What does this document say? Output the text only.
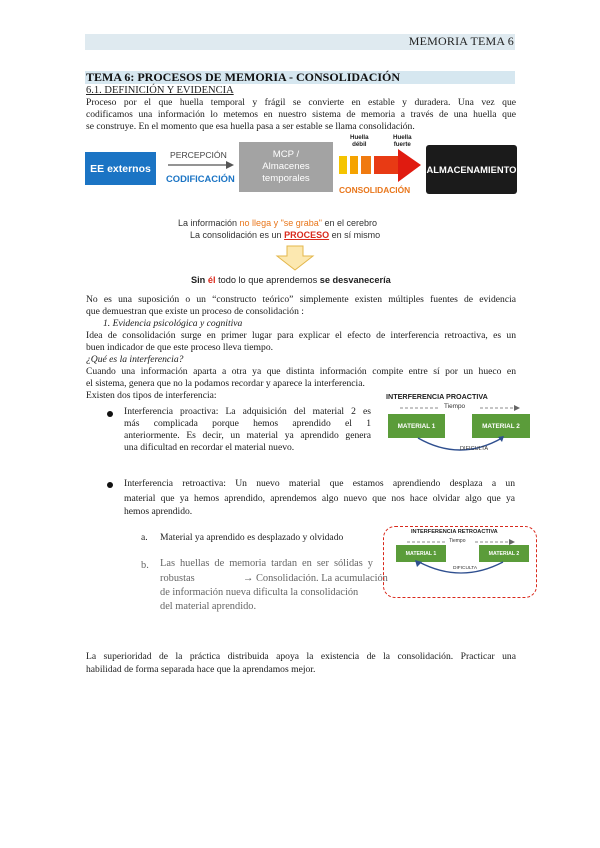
MEMORIA TEMA 6
TEMA 6: PROCESOS DE MEMORIA - CONSOLIDACIÓN
6.1. DEFINICIÓN Y EVIDENCIA
Proceso por el que huella temporal y frágil se convierte en estable y duradera. Una vez que
codificamos una información lo metemos en nuestro sistema de memoria a través de una huella que
se construye. En el momento que esa huella pasa a ser estable se llama consolidación.
EE externos
PERCEPCIÓN
CODIFICACIÓN
MCP /
Almacenes
temporales
Huella
débil
Huella
fuerte
CONSOLIDACIÓN
ALMACENAMIENTO
La información no llega y "se graba" en el cerebro
La consolidación es un PROCESO en sí mismo
Sin él todo lo que aprendemos se desvanecería
No es una suposición o un “constructo teórico” simplemente existen múltiples fuentes de evidencia
que demuestran que existe un proceso de consolidación :
1. Evidencia psicológica y cognitiva
Idea de consolidación surge en primer lugar para explicar el efecto de interferencia retroactiva, es un
buen indicador de que este proceso lleva tiempo.
¿Qué es la interferencia?
Cuando una información aparta a otra ya que distinta información compite entre sí por un hueco en
el sistema, genera que no la podamos recordar y aparece la interferencia.
Existen dos tipos de interferencia:
Interferencia proactiva: La adquisición del material 2 es
más complicada porque hemos aprendido el 1
anteriormente. Es decir, un material ya aprendido genera
una dificultad en recordar el material nuevo.
INTERFERENCIA PROACTIVA
Tiempo
MATERIAL 1	MATERIAL 2
DIFICULTA
Interferencia retroactiva: Un nuevo material que estamos aprendiendo desplaza a un
material que ya hemos aprendido, aprendemos algo nuevo que nos hace olvidar algo que ya
hemos aprendido.
a. Material ya aprendido es desplazado y olvidado
b. Las huellas de memoria tardan en ser sólidas y
robustas	→ Consolidación. La acumulación
de información nueva dificulta la consolidación
del material aprendido.
INTERFERENCIA RETROACTIVA
Tiempo
MATERIAL 1	MATERIAL 2
DIFICULTA
La superioridad de la práctica distribuida apoya la existencia de la consolidación. Practicar una
habilidad de forma separada hace que la aprendamos mejor.
